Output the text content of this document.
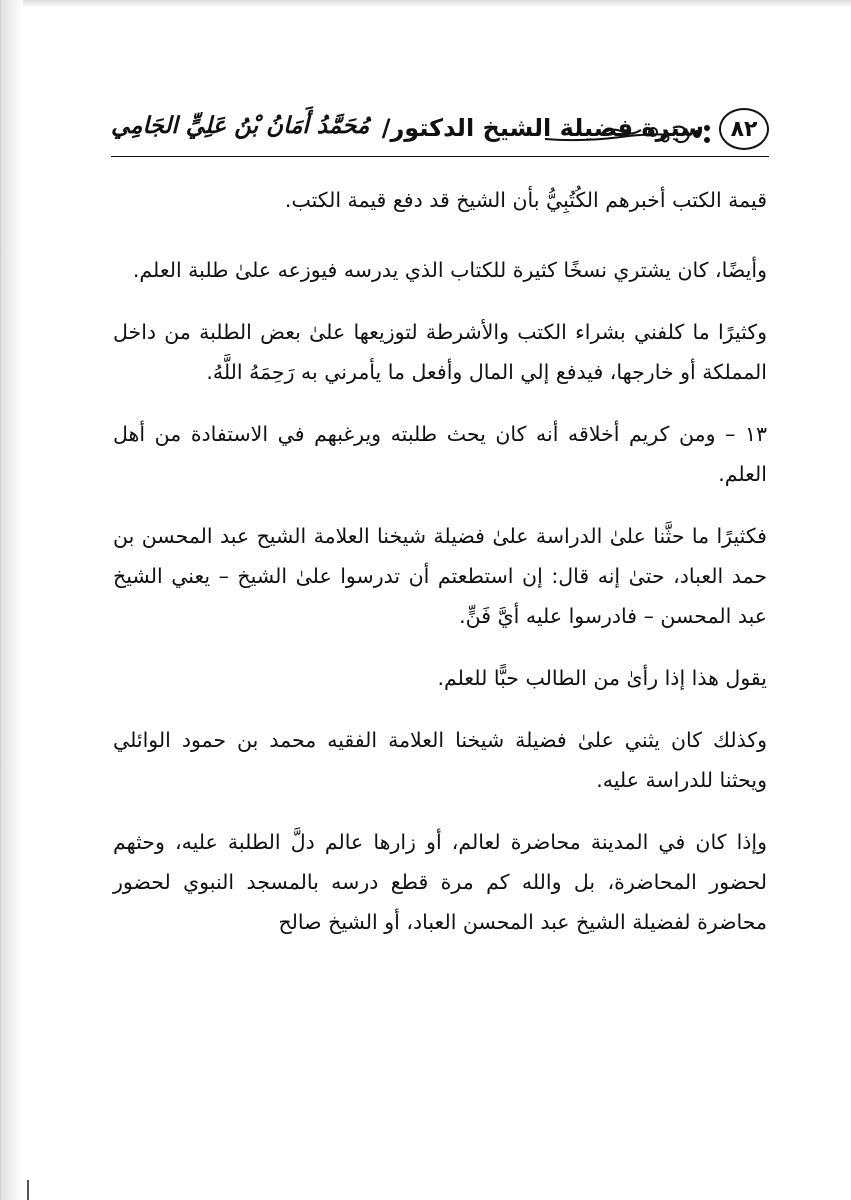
٨٢
سيرة فضيلة الشيخ الدكتور/
مُحَمَّدُ أَمَانُ بْنُ عَلِيٍّ الجَامِي

قيمة الكتب أخبرهم الكُتُبِيُّ بأن الشيخ قد دفع قيمة الكتب.

وأيضًا، كان يشتري نسخًا كثيرة للكتاب الذي يدرسه فيوزعه علىٰ طلبة العلم.

وكثيرًا ما كلفني بشراء الكتب والأشرطة لتوزيعها علىٰ بعض الطلبة من داخل المملكة أو خارجها، فيدفع إلي المال وأفعل ما يأمرني به رَحِمَهُ اللَّهُ.

١٣ – ومن كريم أخلاقه أنه كان يحث طلبته ويرغبهم في الاستفادة من أهل العلم.

فكثيرًا ما حثَّنا علىٰ الدراسة علىٰ فضيلة شيخنا العلامة الشيح عبد المحسن بن حمد العباد، حتىٰ إنه قال: إن استطعتم أن تدرسوا علىٰ الشيخ – يعني الشيخ عبد المحسن – فادرسوا عليه أيَّ فَنٍّ.

يقول هذا إذا رأىٰ من الطالب حبًّا للعلم.

وكذلك كان يثني علىٰ فضيلة شيخنا العلامة الفقيه محمد بن حمود الوائلي ويحثنا للدراسة عليه.

وإذا كان في المدينة محاضرة لعالم، أو زارها عالم دلَّ الطلبة عليه، وحثهم لحضور المحاضرة، بل والله كم مرة قطع درسه بالمسجد النبوي لحضور محاضرة لفضيلة الشيخ عبد المحسن العباد، أو الشيخ صالح
